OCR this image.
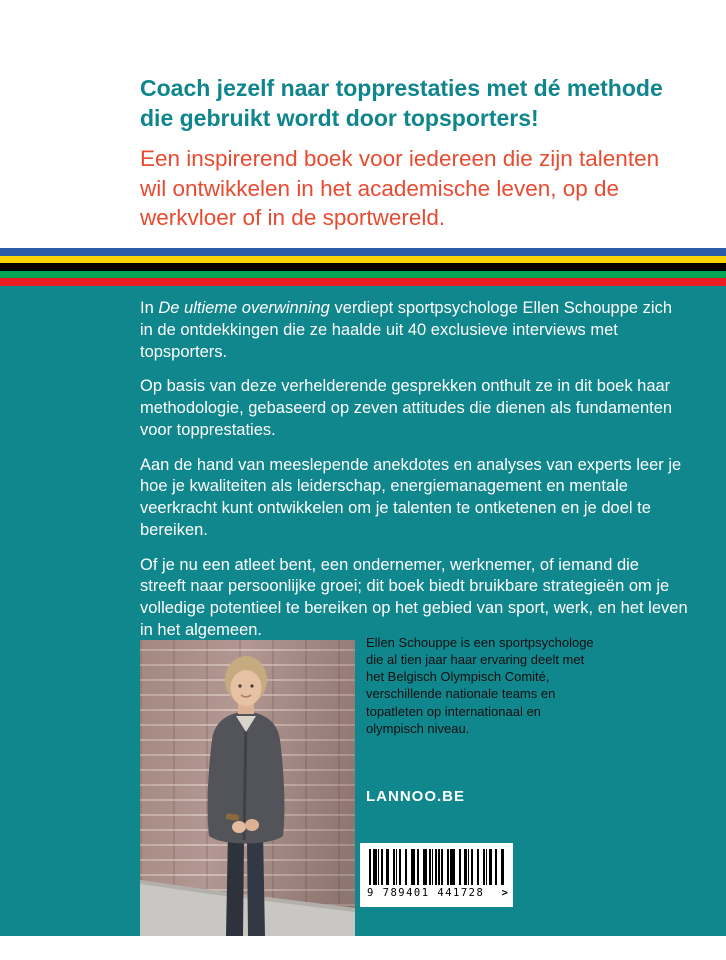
Coach jezelf naar topprestaties met dé methode die gebruikt wordt door topsporters!

Een inspirerend boek voor iedereen die zijn talenten wil ontwikkelen in het academische leven, op de werkvloer of in de sportwereld.

In De ultieme overwinning verdiept sportpsychologe Ellen Schouppe zich in de ontdekkingen die ze haalde uit 40 exclusieve interviews met topsporters.

Op basis van deze verhelderende gesprekken onthult ze in dit boek haar methodologie, gebaseerd op zeven attitudes die dienen als fundamenten voor topprestaties.

Aan de hand van meeslepende anekdotes en analyses van experts leer je hoe je kwaliteiten als leiderschap, energiemanagement en mentale veerkracht kunt ontwikkelen om je talenten te ontketenen en je doel te bereiken.

Of je nu een atleet bent, een ondernemer, werknemer, of iemand die streeft naar persoonlijke groei; dit boek biedt bruikbare strategieën om je volledige potentieel te bereiken op het gebied van sport, werk, en het leven in het algemeen.

Ellen Schouppe is een sportpsychologe die al tien jaar haar ervaring deelt met het Belgisch Olympisch Comité, verschillende nationale teams en topatleten op internationaal en olympisch niveau.

LANNOO.BE
9 789401 441728 >
